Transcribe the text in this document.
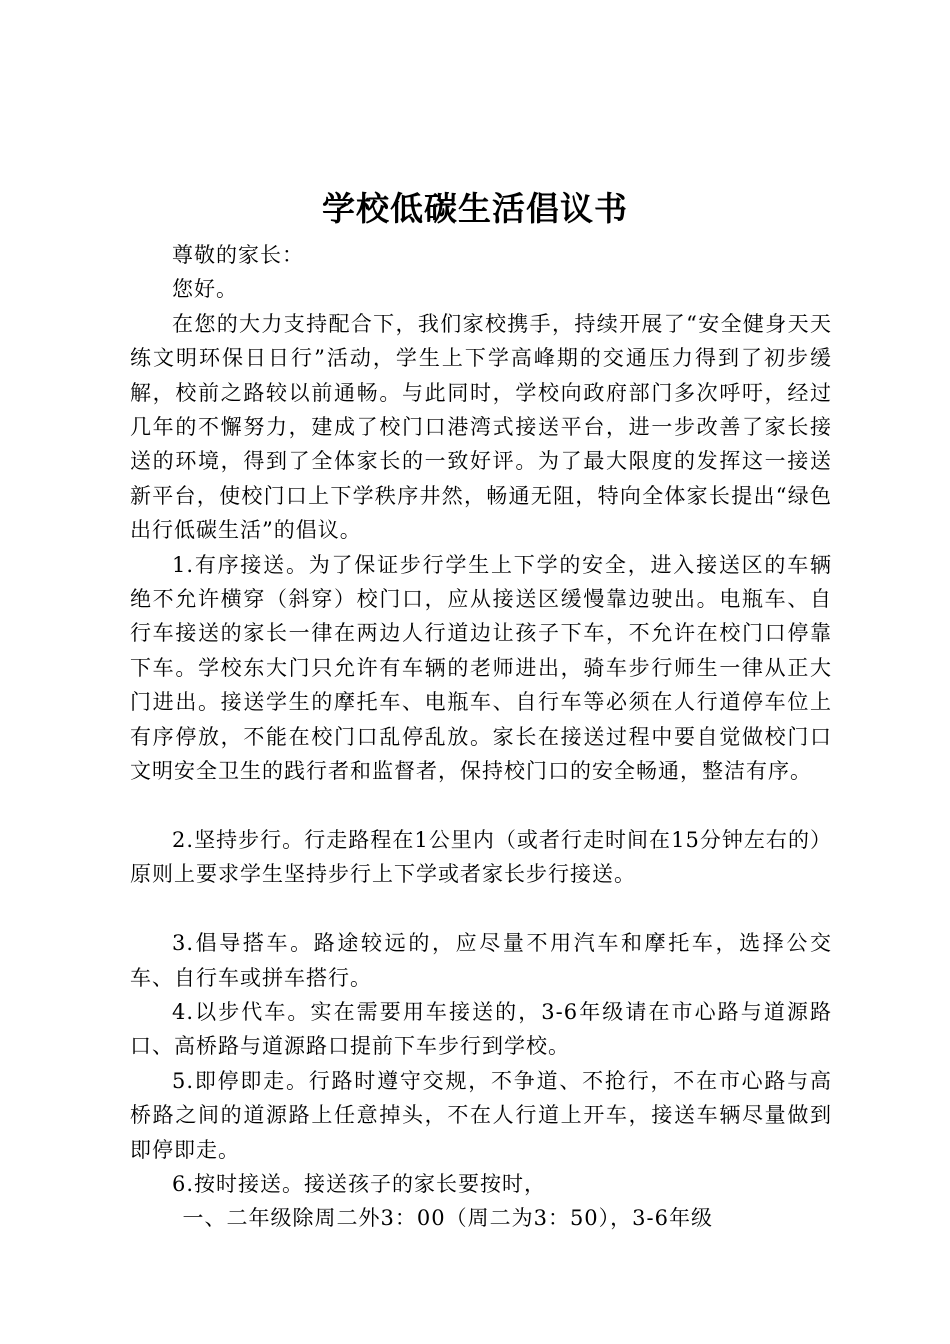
学校低碳生活倡议书

尊敬的家长：

您好。

在您的大力支持配合下，我们家校携手，持续开展了“安全健身天天练文明环保日日行”活动，学生上下学高峰期的交通压力得到了初步缓解，校前之路较以前通畅。与此同时，学校向政府部门多次呼吁，经过几年的不懈努力，建成了校门口港湾式接送平台，进一步改善了家长接送的环境，得到了全体家长的一致好评。为了最大限度的发挥这一接送新平台，使校门口上下学秩序井然，畅通无阻，特向全体家长提出“绿色出行低碳生活”的倡议。

1.有序接送。为了保证步行学生上下学的安全，进入接送区的车辆绝不允许横穿（斜穿）校门口，应从接送区缓慢靠边驶出。电瓶车、自行车接送的家长一律在两边人行道边让孩子下车，不允许在校门口停靠下车。学校东大门只允许有车辆的老师进出，骑车步行师生一律从正大门进出。接送学生的摩托车、电瓶车、自行车等必须在人行道停车位上有序停放，不能在校门口乱停乱放。家长在接送过程中要自觉做校门口文明安全卫生的践行者和监督者，保持校门口的安全畅通，整洁有序。

2.坚持步行。行走路程在1公里内（或者行走时间在15分钟左右的）原则上要求学生坚持步行上下学或者家长步行接送。

3.倡导搭车。路途较远的，应尽量不用汽车和摩托车，选择公交车、自行车或拼车搭行。

4.以步代车。实在需要用车接送的，3-6年级请在市心路与道源路口、高桥路与道源路口提前下车步行到学校。

5.即停即走。行路时遵守交规，不争道、不抢行，不在市心路与高桥路之间的道源路上任意掉头，不在人行道上开车，接送车辆尽量做到即停即走。

6.按时接送。接送孩子的家长要按时，

一、二年级除周二外3：00（周二为3：50），3-6年级
